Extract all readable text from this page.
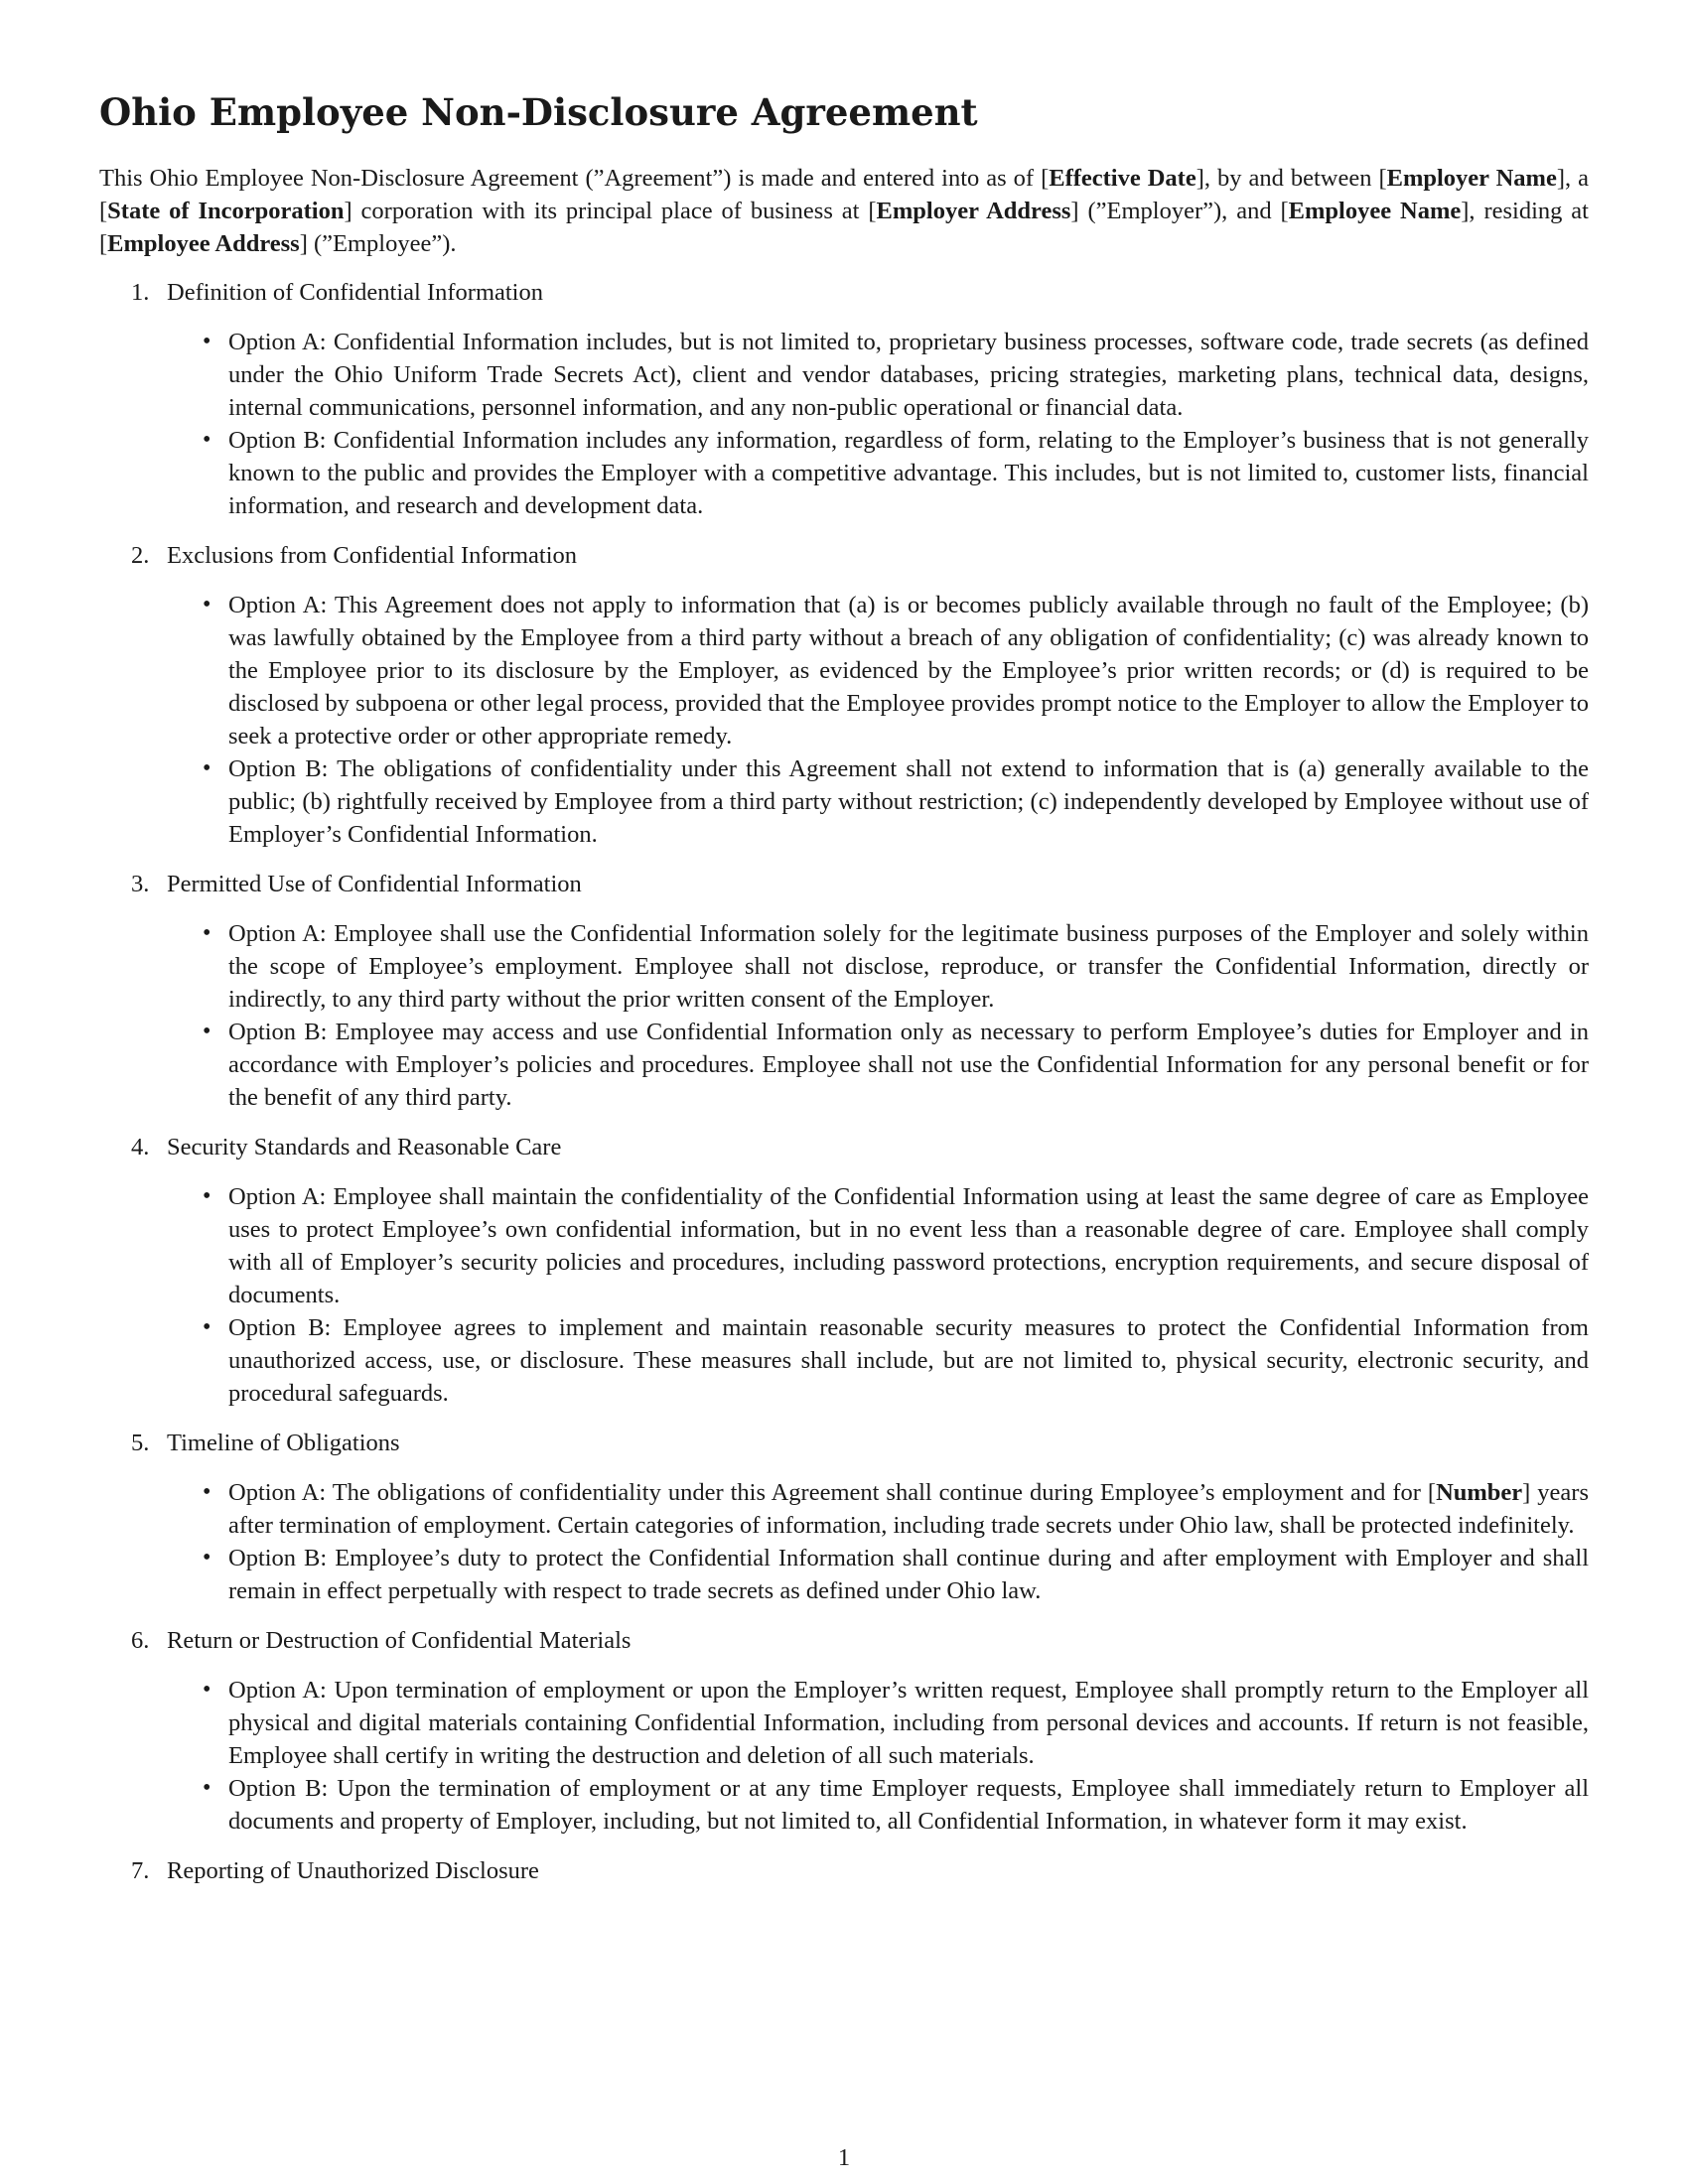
Ohio Employee Non-Disclosure Agreement

This Ohio Employee Non-Disclosure Agreement (”Agreement”) is made and entered into as of [Effective Date], by and between [Employer Name], a [State of Incorporation] corporation with its principal place of business at [Employer Address] (”Employer”), and [Employee Name], residing at [Employee Address] (”Employee”).

1. Definition of Confidential Information
• Option A: Confidential Information includes, but is not limited to, proprietary business processes, software code, trade secrets (as defined under the Ohio Uniform Trade Secrets Act), client and vendor databases, pricing strategies, marketing plans, technical data, designs, internal communications, personnel information, and any non-public operational or financial data.
• Option B: Confidential Information includes any information, regardless of form, relating to the Employer’s business that is not generally known to the public and provides the Employer with a competitive advantage. This includes, but is not limited to, customer lists, financial information, and research and development data.
2. Exclusions from Confidential Information
• Option A: This Agreement does not apply to information that (a) is or becomes publicly available through no fault of the Employee; (b) was lawfully obtained by the Employee from a third party without a breach of any obligation of confidentiality; (c) was already known to the Employee prior to its disclosure by the Employer, as evidenced by the Employee’s prior written records; or (d) is required to be disclosed by subpoena or other legal process, provided that the Employee provides prompt notice to the Employer to allow the Employer to seek a protective order or other appropriate remedy.
• Option B: The obligations of confidentiality under this Agreement shall not extend to information that is (a) generally available to the public; (b) rightfully received by Employee from a third party without restriction; (c) independently developed by Employee without use of Employer’s Confidential Information.
3. Permitted Use of Confidential Information
• Option A: Employee shall use the Confidential Information solely for the legitimate business purposes of the Employer and solely within the scope of Employee’s employment. Employee shall not disclose, reproduce, or transfer the Confidential Information, directly or indirectly, to any third party without the prior written consent of the Employer.
• Option B: Employee may access and use Confidential Information only as necessary to perform Employee’s duties for Employer and in accordance with Employer’s policies and procedures. Employee shall not use the Confidential Information for any personal benefit or for the benefit of any third party.
4. Security Standards and Reasonable Care
• Option A: Employee shall maintain the confidentiality of the Confidential Information using at least the same degree of care as Employee uses to protect Employee’s own confidential information, but in no event less than a reasonable degree of care. Employee shall comply with all of Employer’s security policies and procedures, including password protections, encryption requirements, and secure disposal of documents.
• Option B: Employee agrees to implement and maintain reasonable security measures to protect the Confidential Information from unauthorized access, use, or disclosure. These measures shall include, but are not limited to, physical security, electronic security, and procedural safeguards.
5. Timeline of Obligations
• Option A: The obligations of confidentiality under this Agreement shall continue during Employee’s employment and for [Number] years after termination of employment. Certain categories of information, including trade secrets under Ohio law, shall be protected indefinitely.
• Option B: Employee’s duty to protect the Confidential Information shall continue during and after employment with Employer and shall remain in effect perpetually with respect to trade secrets as defined under Ohio law.
6. Return or Destruction of Confidential Materials
• Option A: Upon termination of employment or upon the Employer’s written request, Employee shall promptly return to the Employer all physical and digital materials containing Confidential Information, including from personal devices and accounts. If return is not feasible, Employee shall certify in writing the destruction and deletion of all such materials.
• Option B: Upon the termination of employment or at any time Employer requests, Employee shall immediately return to Employer all documents and property of Employer, including, but not limited to, all Confidential Information, in whatever form it may exist.
7. Reporting of Unauthorized Disclosure
1
